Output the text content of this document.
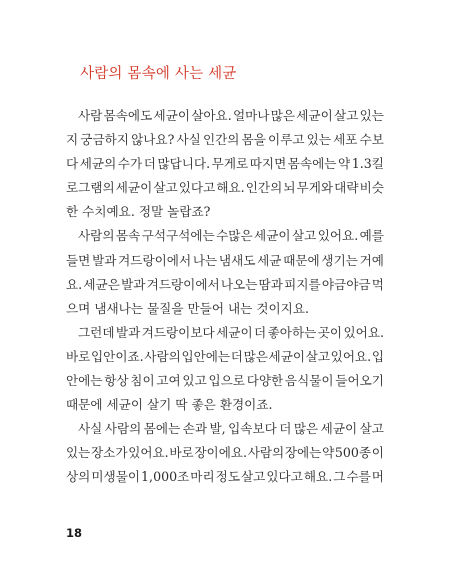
사람의 몸속에 사는 세균
사람 몸속에도 세균이 살아요. 얼마나 많은 세균이 살고 있는
지 궁금하지 않나요? 사실 인간의 몸을 이루고 있는 세포 수보
다 세균의 수가 더 많답니다. 무게로 따지면 몸속에는 약 1.3킬
로그램의 세균이 살고 있다고 해요. 인간의 뇌 무게와 대략 비슷
한 수치예요. 정말 놀랍죠?
사람의 몸속 구석구석에는 수많은 세균이 살고 있어요. 예를
들면 발과 겨드랑이에서 나는 냄새도 세균 때문에 생기는 거예
요. 세균은 발과 겨드랑이에서 나오는 땀과 피지를 야금야금 먹
으며 냄새나는 물질을 만들어 내는 것이지요.
그런데 발과 겨드랑이보다 세균이 더 좋아하는 곳이 있어요.
바로 입안이죠. 사람의 입안에는 더 많은 세균이 살고 있어요. 입
안에는 항상 침이 고여 있고 입으로 다양한 음식물이 들어오기
때문에 세균이 살기 딱 좋은 환경이죠.
사실 사람의 몸에는 손과 발, 입속보다 더 많은 세균이 살고
있는 장소가 있어요. 바로 장이에요. 사람의 장에는 약 500종 이
상의 미생물이 1,000조 마리 정도 살고 있다고 해요. 그 수를 머
18
